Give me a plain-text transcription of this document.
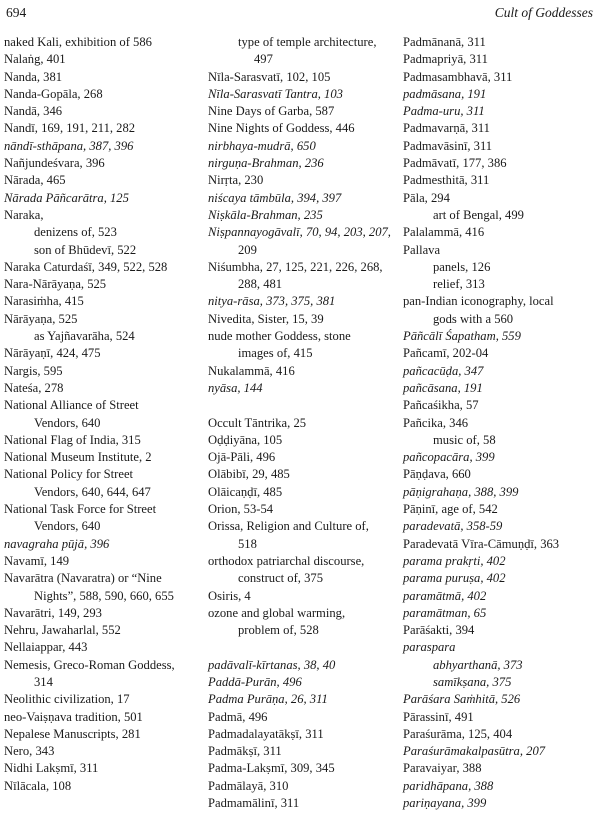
694	Cult of Goddesses
naked Kali, exhibition of 586
Nalaṅg, 401
Nanda, 381
Nanda-Gopāla, 268
Nandā, 346
Nandī, 169, 191, 211, 282
nāndī-sthāpana, 387, 396
Nañjundeśvara, 396
Nārada, 465
Nārada Pāñcarātra, 125
Naraka,
denizens of, 523
son of Bhūdevī, 522
Naraka Caturdaśī, 349, 522, 528
Nara-Nārāyaṇa, 525
Narasiṁha, 415
Nārāyaṇa, 525
as Yajñavarāha, 524
Nārāyaṇī, 424, 475
Nargis, 595
Nateśa, 278
National Alliance of Street
Vendors, 640
National Flag of India, 315
National Museum Institute, 2
National Policy for Street
Vendors, 640, 644, 647
National Task Force for Street
Vendors, 640
navagraha pūjā, 396
Navamī, 149
Navarātra (Navaratra) or “Nine
Nights”, 588, 590, 660, 655
Navarātri, 149, 293
Nehru, Jawaharlal, 552
Nellaiappar, 443
Nemesis, Greco-Roman Goddess,
314
Neolithic civilization, 17
neo-Vaiṣṇava tradition, 501
Nepalese Manuscripts, 281
Nero, 343
Nidhi Lakṣmī, 311
Nīlācala, 108
type of temple architecture,
497
Nīla-Sarasvatī, 102, 105
Nīla-Sarasvatī Tantra, 103
Nine Days of Garba, 587
Nine Nights of Goddess, 446
nirbhaya-mudrā, 650
nirguṇa-Brahman, 236
Nirṛta, 230
niścaya tāmbūla, 394, 397
Niṣkāla-Brahman, 235
Niṣpannayogāvalī, 70, 94, 203, 207,
209
Niśumbha, 27, 125, 221, 226, 268,
288, 481
nitya-rāsa, 373, 375, 381
Nivedita, Sister, 15, 39
nude mother Goddess, stone
images of, 415
Nukalammā, 416
nyāsa, 144
Occult Tāntrika, 25
Oḍḍiyāna, 105
Ojā-Pāli, 496
Olābibī, 29, 485
Olāicaṇḍī, 485
Orion, 53-54
Orissa, Religion and Culture of,
518
orthodox patriarchal discourse,
construct of, 375
Osiris, 4
ozone and global warming,
problem of, 528
padāvalī-kīrtanas, 38, 40
Paddā-Purān, 496
Padma Purāṇa, 26, 311
Padmā, 496
Padmadalayatākṣī, 311
Padmākṣī, 311
Padma-Lakṣmī, 309, 345
Padmālayā, 310
Padmamālinī, 311
Padmānanā, 311
Padmapriyā, 311
Padmasambhavā, 311
padmāsana, 191
Padma-uru, 311
Padmavarṇā, 311
Padmavāsinī, 311
Padmāvatī, 177, 386
Padmesthitā, 311
Pāla, 294
art of Bengal, 499
Palalammā, 416
Pallava
panels, 126
relief, 313
pan-Indian iconography, local
gods with a 560
Pāñcālī Śapatham, 559
Pañcamī, 202-04
pañcacūḍa, 347
pañcāsana, 191
Pañcaśikha, 57
Pañcika, 346
music of, 58
pañcopacāra, 399
Pāṇḍava, 660
pāṇigrahaṇa, 388, 399
Pāṇinī, age of, 542
paradevatā, 358-59
Paradevatā Vīra-Cāmuṇḍī, 363
parama prakṛti, 402
parama puruṣa, 402
paramātmā, 402
paramātman, 65
Parāśakti, 394
paraspara
abhyarthanā, 373
samīkṣana, 375
Parāśara Saṁhitā, 526
Pārassinī, 491
Paraśurāma, 125, 404
Paraśurāmakalpasūtra, 207
Paravaiyar, 388
paridhāpana, 388
pariṇayana, 399
